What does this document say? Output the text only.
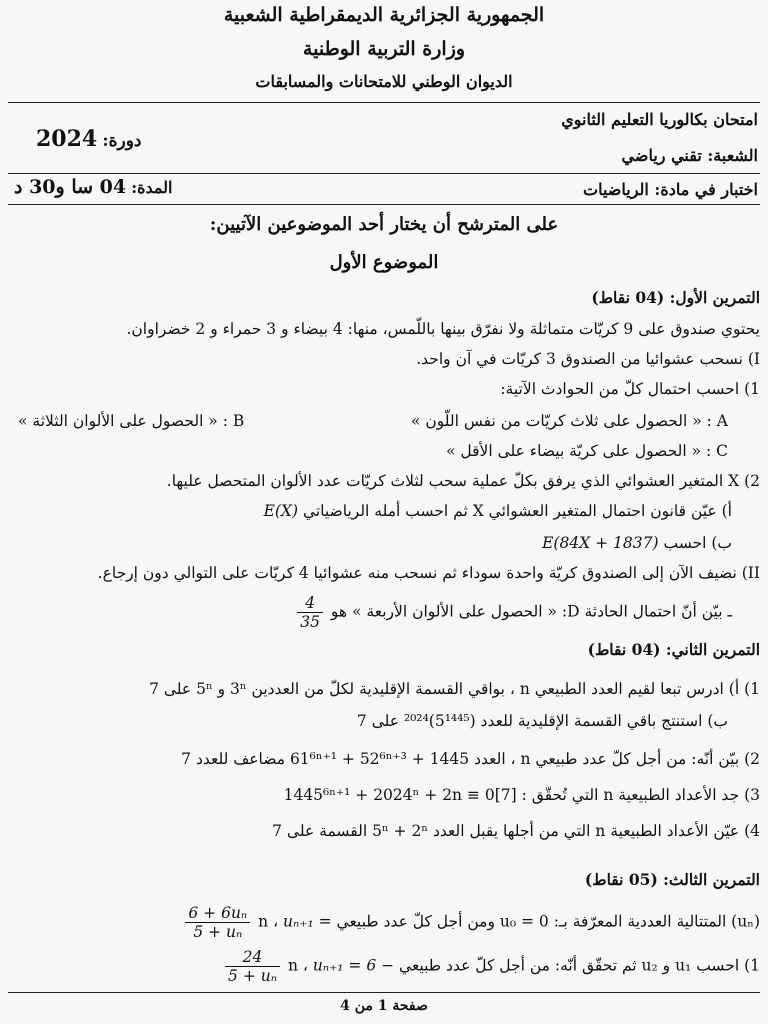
الجمهورية الجزائرية الديمقراطية الشعبية
وزارة التربية الوطنية
الديوان الوطني للامتحانات والمسابقات
امتحان بكالوريا التعليم الثانوي
دورة: 2024
الشعبة: تقني رياضي
اختبار في مادة: الرياضيات
المدة: 04 سا و30 د
على المترشح أن يختار أحد الموضوعين الآتيين:
الموضوع الأول
التمرين الأول: (04 نقاط)
يحتوي صندوق على 9 كريّات متماثلة ولا نفرّق بينها باللّمس، منها: 4 بيضاء و 3 حمراء و 2 خضراوان.
I) نسحب عشوائيا من الصندوق 3 كريّات في آن واحد.
1) احسب احتمال كلّ من الحوادث الآتية:
A : « الحصول على ثلاث كريّات من نفس اللّون »
B : « الحصول على الألوان الثلاثة »
C : « الحصول على كريّة بيضاء على الأقل »
2) X المتغير العشوائي الذي يرفق بكلّ عملية سحب لثلاث كريّات عدد الألوان المتحصل عليها.
أ) عيّن قانون احتمال المتغير العشوائي X ثم احسب أمله الرياضياتي E(X)
ب) احسب E(84X + 1837)
II) نضيف الآن إلى الصندوق كريّة واحدة سوداء ثم نسحب منه عشوائيا 4 كريّات على التوالي دون إرجاع.
ـ بيّن أنّ احتمال الحادثة D: « الحصول على الألوان الأربعة » هو
$\frac{4}{35}$
التمرين الثاني: (04 نقاط)
1) أ) ادرس تبعا لقيم العدد الطبيعي n ، بواقي القسمة الإقليدية لكلّ من العددين 3ⁿ و 5ⁿ على 7
ب) استنتج باقي القسمة الإقليدية للعدد (5¹⁴⁴⁵)²⁰²⁴ على 7
2) بيّن أنّه: من أجل كلّ عدد طبيعي n ، العدد 61⁶ⁿ⁺¹ + 52⁶ⁿ⁺³ + 1445 مضاعف للعدد 7
3) جد الأعداد الطبيعية n التي تُحقّق : 1445⁶ⁿ⁺¹ + 2024ⁿ + 2n ≡ 0[7]
4) عيّن الأعداد الطبيعية n التي من أجلها يقبل العدد 5ⁿ + 2ⁿ القسمة على 7
التمرين الثالث: (05 نقاط)
(uₙ) المتتالية العددية المعرّفة بـ: u₀ = 0 ومن أجل كلّ عدد طبيعي n ، uₙ₊₁ =
$\frac{\text{6 + 6uₙ}}{\text{5 + uₙ}}$
1) احسب u₁ و u₂ ثم تحقّق أنّه: من أجل كلّ عدد طبيعي n ، uₙ₊₁ = 6 −
$\frac{24}{\text{5 + uₙ}}$
صفحة 1 من 4
